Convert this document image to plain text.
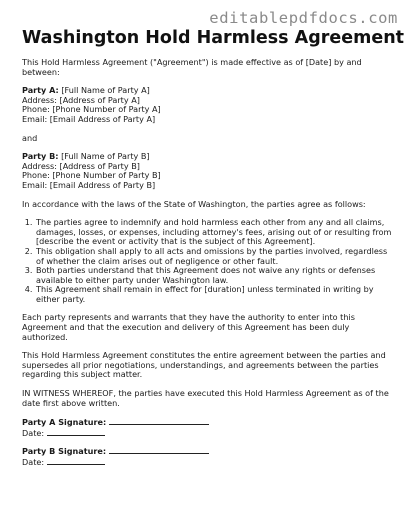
editablepdfdocs.com
Washington Hold Harmless Agreement

This Hold Harmless Agreement ("Agreement") is made effective as of [Date] by and between:

Party A: [Full Name of Party A]
Address: [Address of Party A]
Phone: [Phone Number of Party A]
Email: [Email Address of Party A]

and

Party B: [Full Name of Party B]
Address: [Address of Party B]
Phone: [Phone Number of Party B]
Email: [Email Address of Party B]

In accordance with the laws of the State of Washington, the parties agree as follows:

1. The parties agree to indemnify and hold harmless each other from any and all claims, damages, losses, or expenses, including attorney's fees, arising out of or resulting from [describe the event or activity that is the subject of this Agreement].
2. This obligation shall apply to all acts and omissions by the parties involved, regardless of whether the claim arises out of negligence or other fault.
3. Both parties understand that this Agreement does not waive any rights or defenses available to either party under Washington law.
4. This Agreement shall remain in effect for [duration] unless terminated in writing by either party.

Each party represents and warrants that they have the authority to enter into this Agreement and that the execution and delivery of this Agreement has been duly authorized.

This Hold Harmless Agreement constitutes the entire agreement between the parties and supersedes all prior negotiations, understandings, and agreements between the parties regarding this subject matter.

IN WITNESS WHEREOF, the parties have executed this Hold Harmless Agreement as of the date first above written.

Party A Signature:
Date:
Party B Signature:
Date:
